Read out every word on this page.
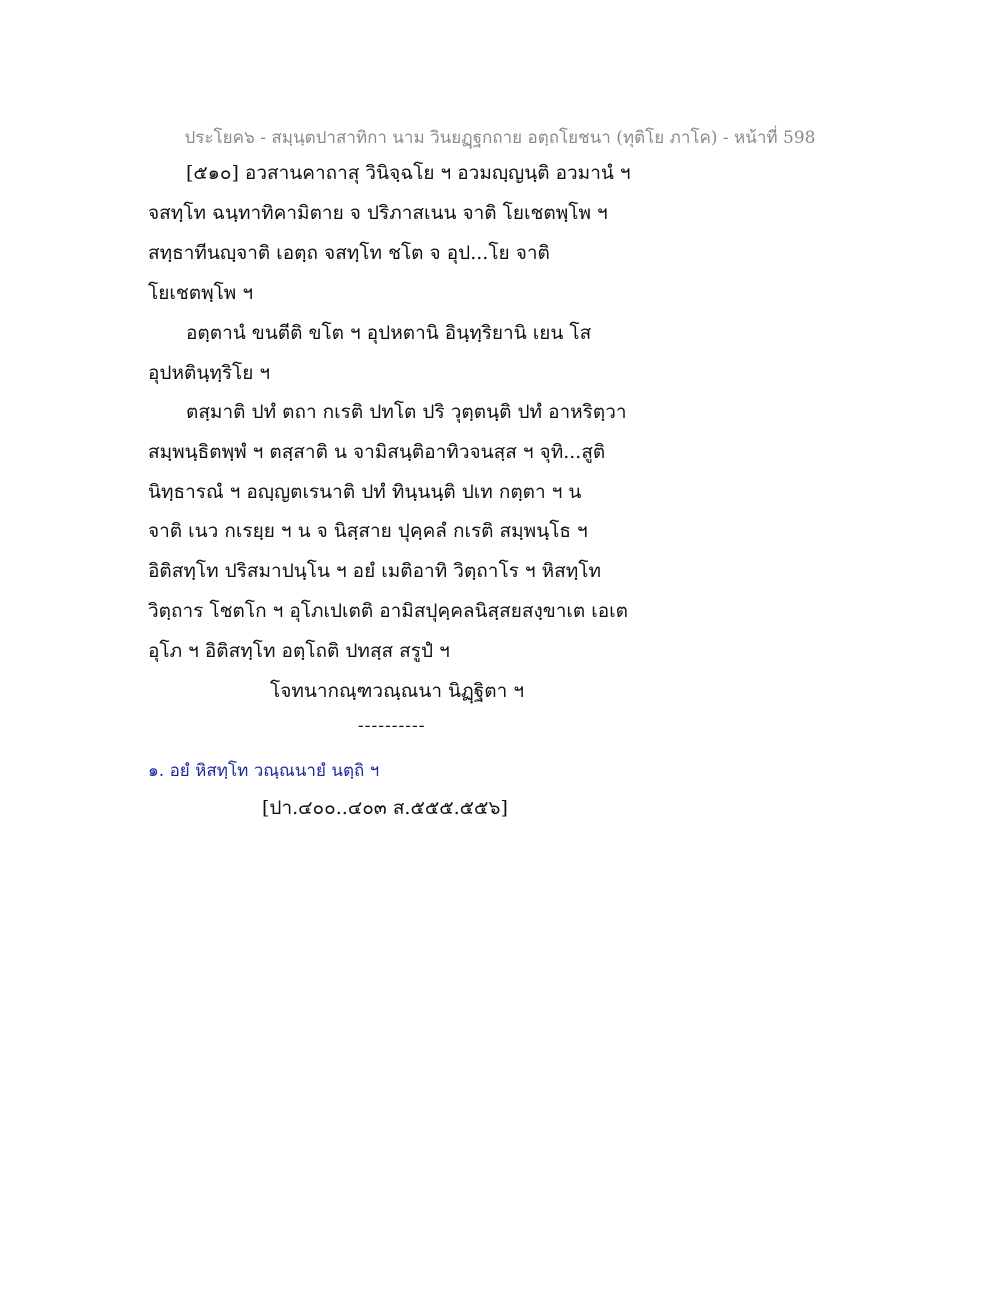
ประโยค๖ - สมฺนฺตปาสาทิกา นาม วินยฏฺฐกถาย อตฺถโยชนา (ทุติโย ภาโค) - หน้าที่ 598
[๕๑๐] อวสานคาถาสุ วินิจฺฉโย ฯ อวมญฺญนฺติ อวมานํ ฯ
จสทฺโท ฉนฺทาทิคามิตาย จ ปริภาสเนน จาติ โยเชตพฺโพ ฯ
สทฺธาทีนญฺจาติ เอตฺถ จสทฺโท ชโต จ อุป...โย จาติ
โยเชตพฺโพ ฯ
อตฺตานํ ขนตีติ ขโต ฯ อุปหตานิ อินฺทฺริยานิ เยน โส
อุปหตินฺทฺริโย ฯ
ตสฺมาติ ปทํ ตถา กเรติ ปทโต ปริ วุตฺตนฺติ ปทํ อาหริตฺวา
สมฺพนฺธิตพฺพํ ฯ ตสฺสาติ น จามิสนฺติอาทิวจนสฺส ฯ จุทิ...สูติ
นิทฺธารณํ ฯ อญฺญตเรนาติ ปทํ ทินฺนนฺติ ปเท กตฺตา ฯ น
จาติ เนว กเรยฺย ฯ น จ นิสฺสาย ปุคฺคลํ กเรติ สมฺพนฺโธ ฯ
อิติสทฺโท ปริสมาปนฺโน ฯ อยํ เมติอาทิ วิตฺถาโร ฯ หิสทฺโท
วิตฺถาร โชตโก ฯ อุโภเปเตติ อามิสปุคฺคลนิสฺสยสงฺขาเต เอเต
อุโภ ฯ อิติสทฺโท อตฺโถติ ปทสฺส สรูปํ ฯ
โจทนากณฺฑวณฺณนา นิฏฺฐิตา ฯ
----------
๑. อยํ หิสทฺโท วณฺณนายํ นตฺถิ ฯ
[ปา.๔๐๐..๔๐๓ ส.๕๕๕.๕๕๖]
